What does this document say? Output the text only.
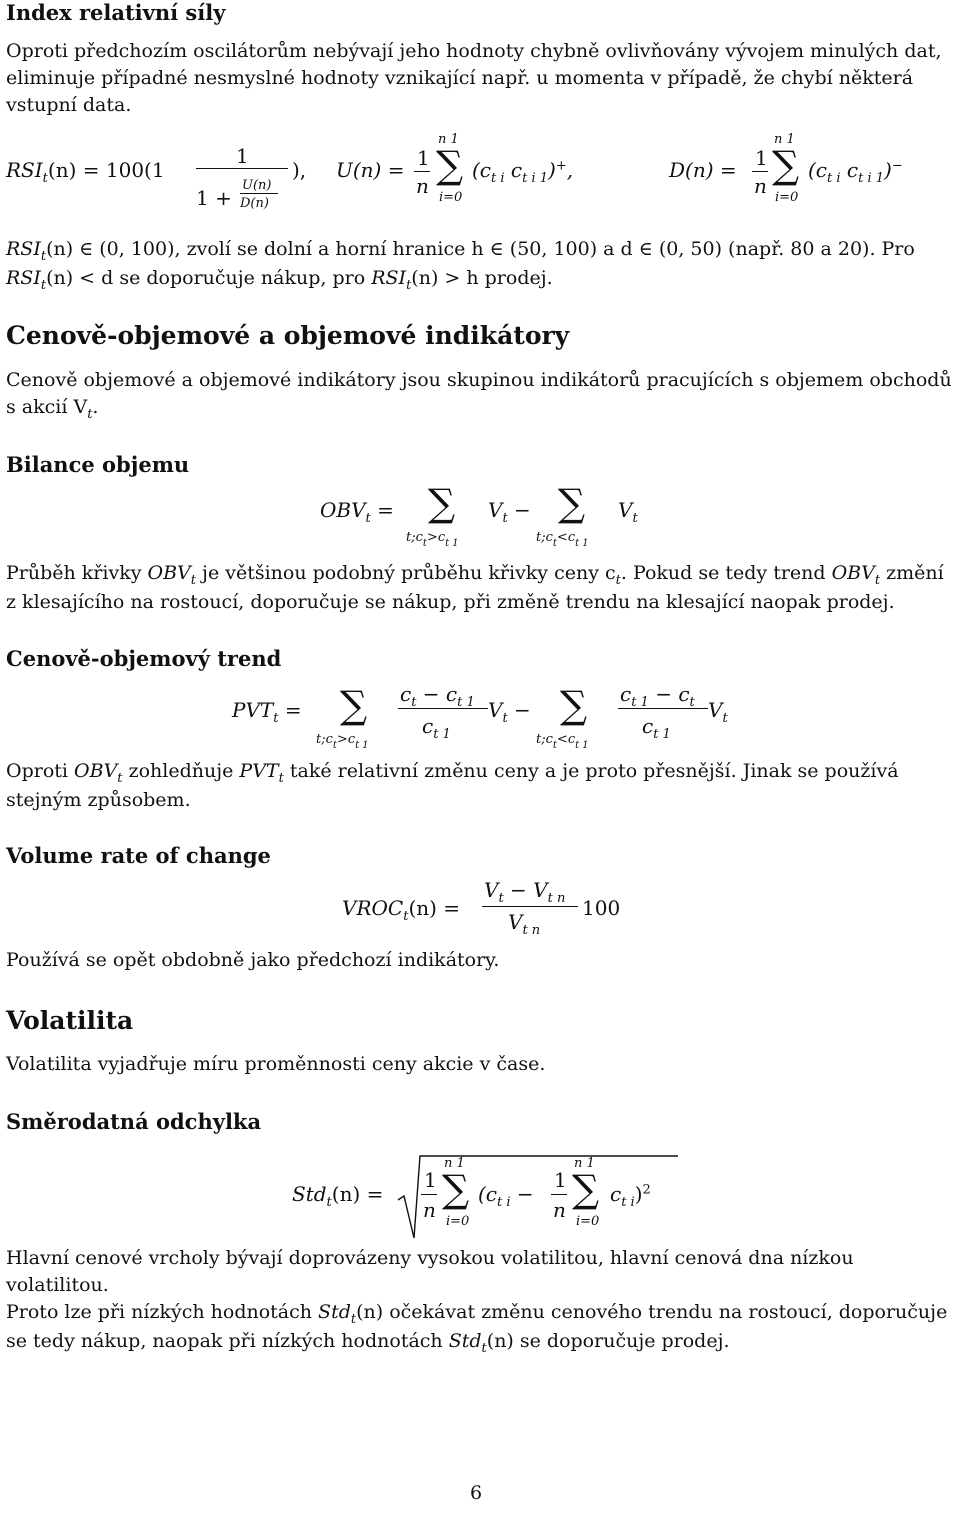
Index relativní síly
Oproti předchozím oscilátorům nebývají jeho hodnoty chybně ovlivňovány vývojem minulých dat,
eliminuje případné nesmyslné hodnoty vznikající např. u momenta v případě, že chybí některá
vstupní data.
$RSI_t(n) = 100(1$
1
1 +
U(n)
D(n)
), U(n) = 1
n
n 1
∑
i=0
($c_{t i}$ $c_{t i 1})^+$,	D(n) = 1
n
n 1
∑
i=0
($c_{t i}$ $c_{t i 1})^-$
$RSI_t(n)$ ∈ (0, 100), zvolí se dolní a horní hranice h ∈ (50, 100) a d ∈ (0, 50) (např. 80 a 20). Pro
$RSI_t(n) < d$ se doporučuje nákup, pro $RSI_t(n) > h$ prodej.
Cenově-objemové a objemové indikátory
Cenově objemové a objemové indikátory jsou skupinou indikátorů pracujících s objemem obchodů
s akcií $V_t$.
Bilance objemu
$OBV_t$ = ∑
$t;c_t>c_{t 1}$
$V_t$ − ∑
$t;c_t<c_{t 1}$
$V_t$
Průběh křivky $OBV_t$ je většinou podobný průběhu křivky ceny $c_t$. Pokud se tedy trend $OBV_t$ změní
z klesajícího na rostoucí, doporučuje se nákup, při změně trendu na klesající naopak prodej.
Cenově-objemový trend
$PVT_t$ = ∑
$t;c_t>c_{t 1}$
$c_t - c_{t 1}$
$c_{t 1}$
$V_t$ − ∑
$t;c_t<c_{t 1}$
$c_{t 1} - c_t$
$c_{t 1}$
$V_t$
Oproti $OBV_t$ zohledňuje $PVT_t$ také relativní změnu ceny a je proto přesnější. Jinak se používá
stejným způsobem.
Volume rate of change
$VROC_t(n)$ =
$V_t - V_{t n}$
$V_{t n}$
100
Používá se opět obdobně jako předchozí indikátory.
Volatilita
Volatilita vyjadřuje míru proměnnosti ceny akcie v čase.
Směrodatná odchylka
Std$_t$(n) =
1
n
n 1
∑
i=0
($c_{t i}$ −
1
n
n 1
∑
i=0
$c_{t i})^2$
Hlavní cenové vrcholy bývají doprovázeny vysokou volatilitou, hlavní cenová dna nízkou volatilitou.
Proto lze při nízkých hodnotách Std$_t$(n) očekávat změnu cenového trendu na rostoucí, doporučuje
se tedy nákup, naopak při nízkých hodnotách Std$_t$(n) se doporučuje prodej.
6
